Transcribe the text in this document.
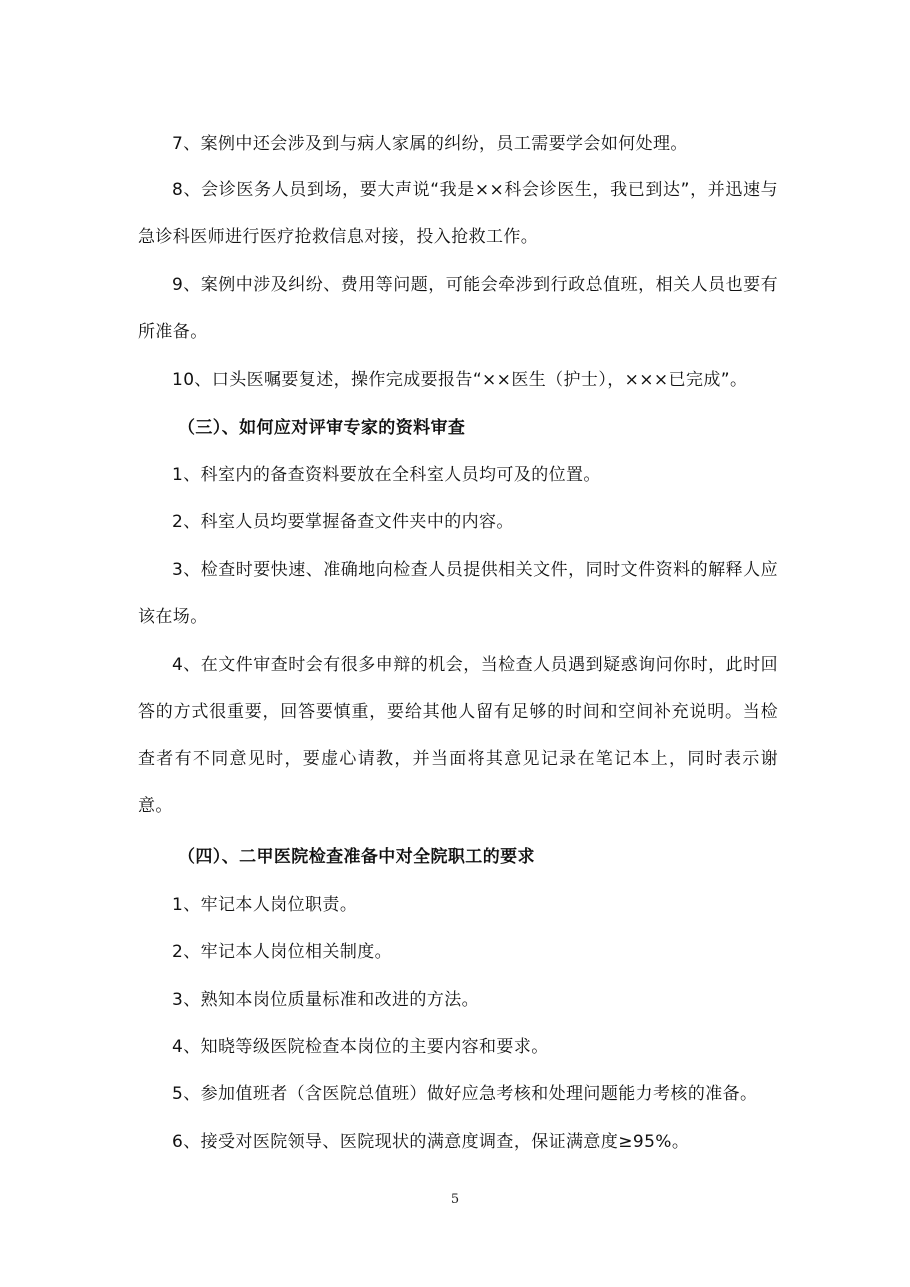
7、案例中还会涉及到与病人家属的纠纷，员工需要学会如何处理。

8、会诊医务人员到场，要大声说“我是××科会诊医生，我已到达”，并迅速与急诊科医师进行医疗抢救信息对接，投入抢救工作。

9、案例中涉及纠纷、费用等问题，可能会牵涉到行政总值班，相关人员也要有所准备。

10、口头医嘱要复述，操作完成要报告“××医生（护士），×××已完成”。

（三）、如何应对评审专家的资料审查

1、科室内的备查资料要放在全科室人员均可及的位置。

2、科室人员均要掌握备查文件夹中的内容。

3、检查时要快速、准确地向检查人员提供相关文件，同时文件资料的解释人应该在场。

4、在文件审查时会有很多申辩的机会，当检查人员遇到疑惑询问你时，此时回答的方式很重要，回答要慎重，要给其他人留有足够的时间和空间补充说明。当检查者有不同意见时，要虚心请教，并当面将其意见记录在笔记本上，同时表示谢意。

（四）、二甲医院检查准备中对全院职工的要求

1、牢记本人岗位职责。

2、牢记本人岗位相关制度。

3、熟知本岗位质量标准和改进的方法。

4、知晓等级医院检查本岗位的主要内容和要求。

5、参加值班者（含医院总值班）做好应急考核和处理问题能力考核的准备。

6、接受对医院领导、医院现状的满意度调查，保证满意度≥95%。

5
